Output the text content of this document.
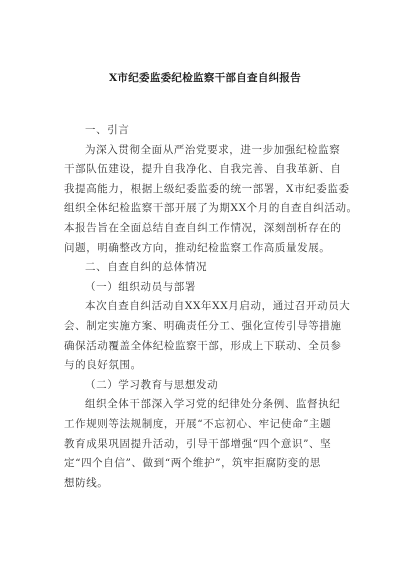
X市纪委监委纪检监察干部自查自纠报告

一、引言

为深入贯彻全面从严治党要求，进一步加强纪检监察
干部队伍建设，提升自我净化、自我完善、自我革新、自
我提高能力，根据上级纪委监委的统一部署，X市纪委监委
组织全体纪检监察干部开展了为期XX个月的自查自纠活动。
本报告旨在全面总结自查自纠工作情况，深刻剖析存在的
问题，明确整改方向，推动纪检监察工作高质量发展。

二、自查自纠的总体情况

（一）组织动员与部署

本次自查自纠活动自XX年XX月启动，通过召开动员大
会、制定实施方案、明确责任分工、强化宣传引导等措施
确保活动覆盖全体纪检监察干部，形成上下联动、全员参
与的良好氛围。

（二）学习教育与思想发动

组织全体干部深入学习党的纪律处分条例、监督执纪
工作规则等法规制度，开展“不忘初心、牢记使命”主题
教育成果巩固提升活动，引导干部增强“四个意识”、坚
定“四个自信”、做到“两个维护”，筑牢拒腐防变的思
想防线。
